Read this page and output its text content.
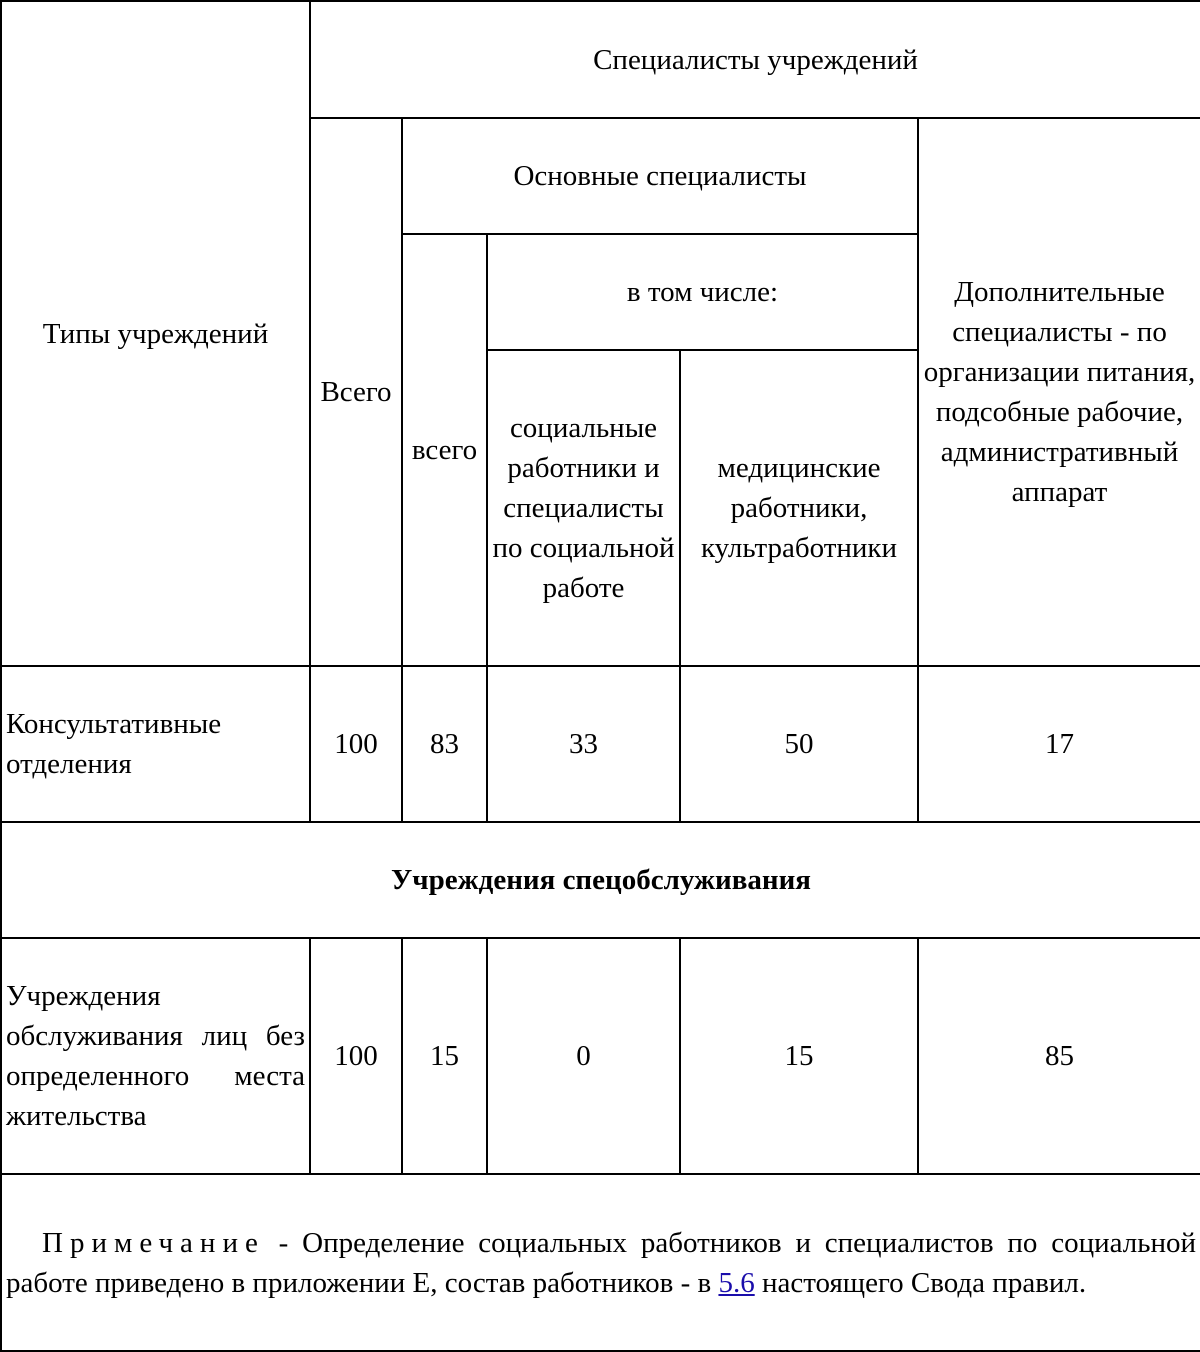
Типы учреждений	Специалисты учреждений				
	Всего	Основные специалисты			Дополнительные специалисты - по организации питания, подсобные рабочие, административный аппарат
		всего	в том числе:		
			социальные работники и специалисты по социальной работе	медицинские работники, культработники	

Консультативные отделения	100	83	33	50	17
Учреждения спецобслуживания					
Учреждения обслуживания лиц без определенного места жительства	100	15	0	15	85
Примечание - Определение социальных работников и специалистов по социальной работе приведено в приложении Е, состав работников - в 5.6 настоящего Свода правил.					
